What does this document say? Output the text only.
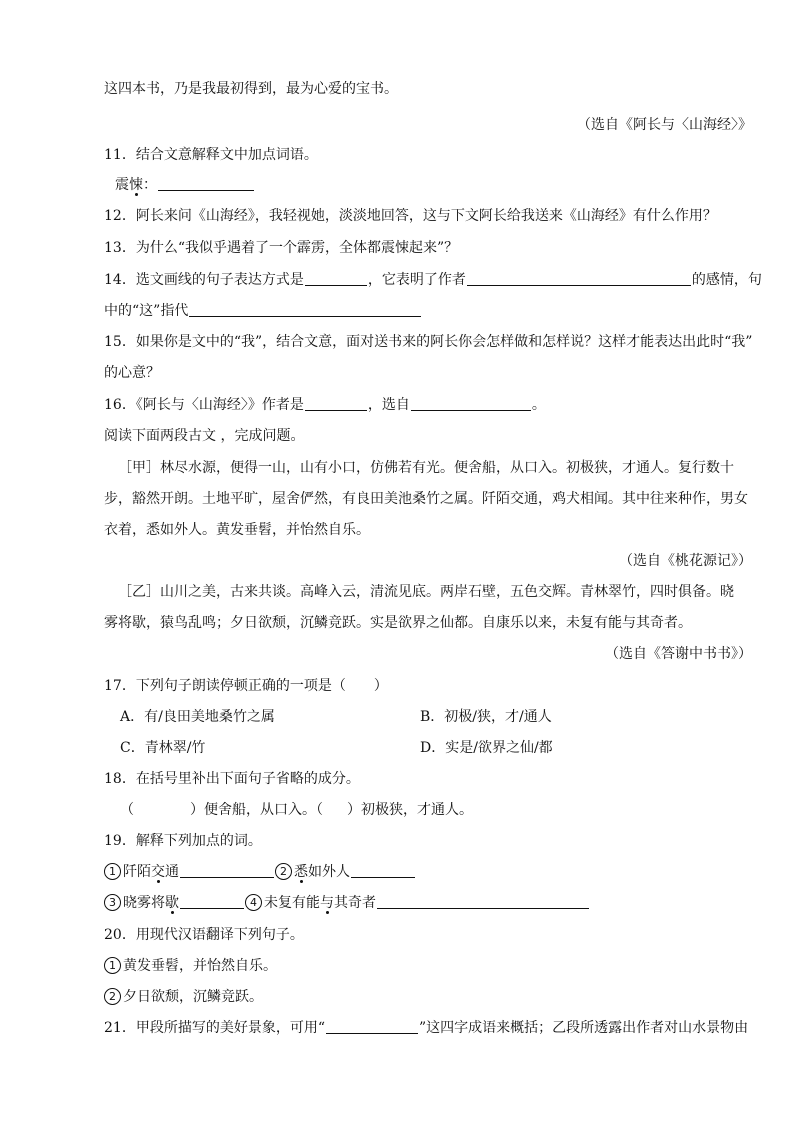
这四本书，乃是我最初得到，最为心爱的宝书。
（选自《阿长与〈山海经〉》
11．结合文意解释文中加点词语。
震悚：
12．阿长来问《山海经》，我轻视她，淡淡地回答，这与下文阿长给我送来《山海经》有什么作用？
13．为什么“我似乎遇着了一个霹雳，全体都震悚起来”？
14．选文画线的句子表达方式是	，它表明了作者	的感情，句
中的“这”指代
15．如果你是文中的“我”，结合文意，面对送书来的阿长你会怎样做和怎样说？这样才能表达出此时“我”
的心意？
16．《阿长与〈山海经〉》作者是	，选自	。
阅读下面两段古文 ，完成问题。
［甲］林尽水源，便得一山，山有小口，仿佛若有光。便舍船，从口入。初极狭，才通人。复行数十
步，豁然开朗。土地平旷，屋舍俨然，有良田美池桑竹之属。阡陌交通，鸡犬相闻。其中往来种作，男女
衣着，悉如外人。黄发垂髫，并怡然自乐。
（选自《桃花源记》）
［乙］山川之美，古来共谈。高峰入云，清流见底。两岸石壁，五色交辉。青林翠竹，四时俱备。晓
雾将歇，猿鸟乱鸣；夕日欲颓，沉鳞竞跃。实是欲界之仙都。自康乐以来，未复有能与其奇者。
（选自《答谢中书书》）
17．下列句子朗读停顿正确的一项是（　　）
A．有/良田美地桑竹之属	B．初极/狭，才/通人
C．青林翠/竹	D．实是/欲界之仙/都
18．在括号里补出下面句子省略的成分。
（	）便舍船，从口入。（ ）初极狭，才通人。
19．解释下列加点的词。
1 阡陌交通	2 悉如外人
3 晓雾将歇	4 未复有能与其奇者
20．用现代汉语翻译下列句子。
1 黄发垂髫，并怡然自乐。
2 夕日欲颓，沉鳞竞跃。
21．甲段所描写的美好景象，可用“	”这四字成语来概括；乙段所透露出作者对山水景物由
